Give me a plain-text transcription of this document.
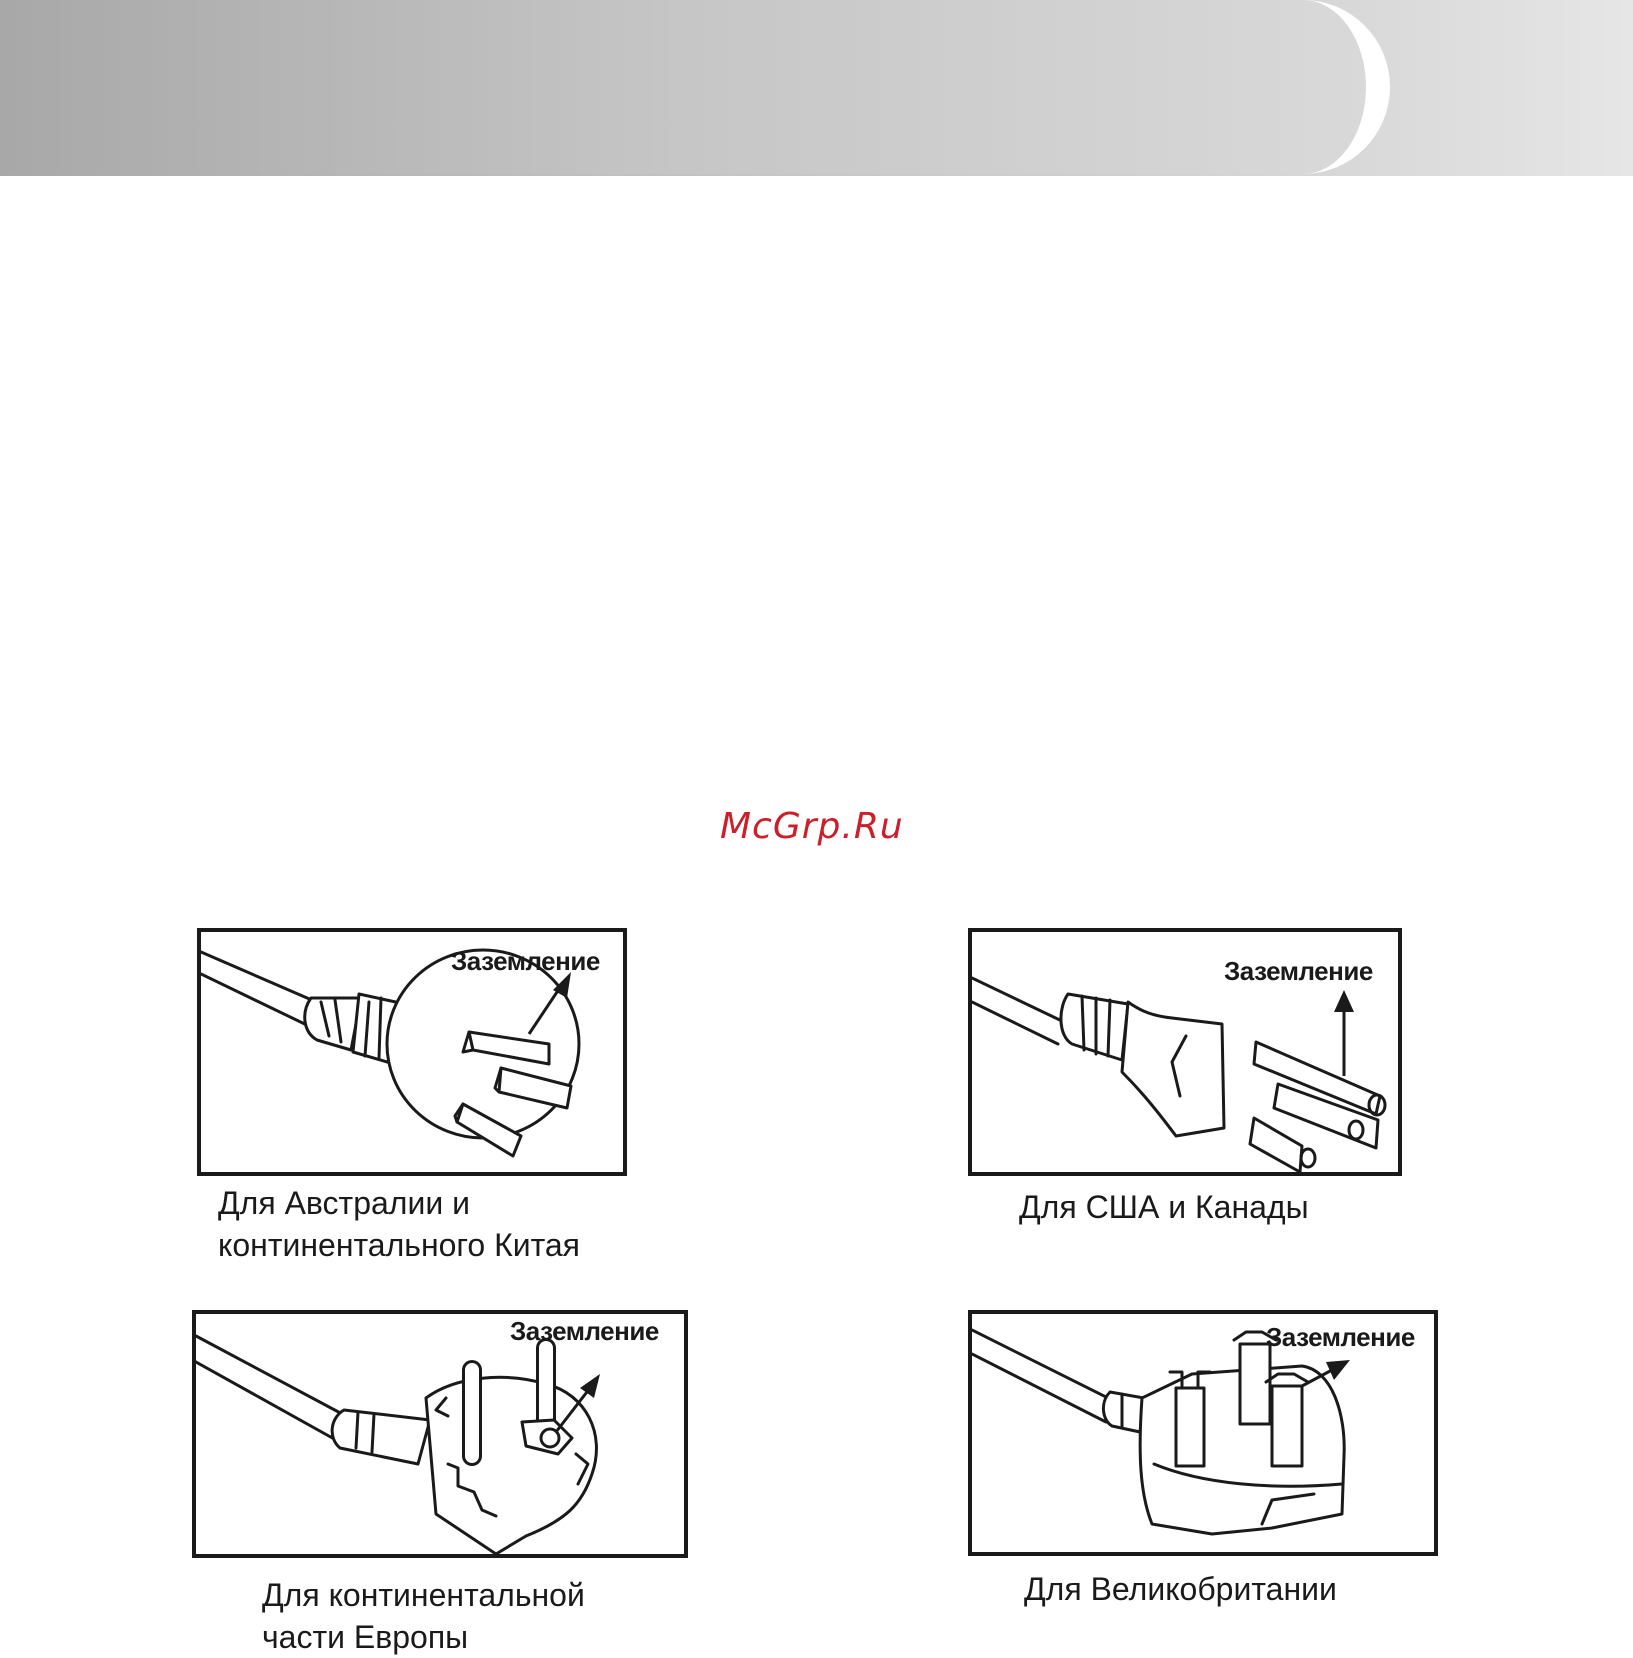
McGrp.Ru
Заземление
Для Австралии и
континентального Китая
Заземление
Для США и Канады
Заземление
Для континентальной
части Европы
Заземление
Для Великобритании
